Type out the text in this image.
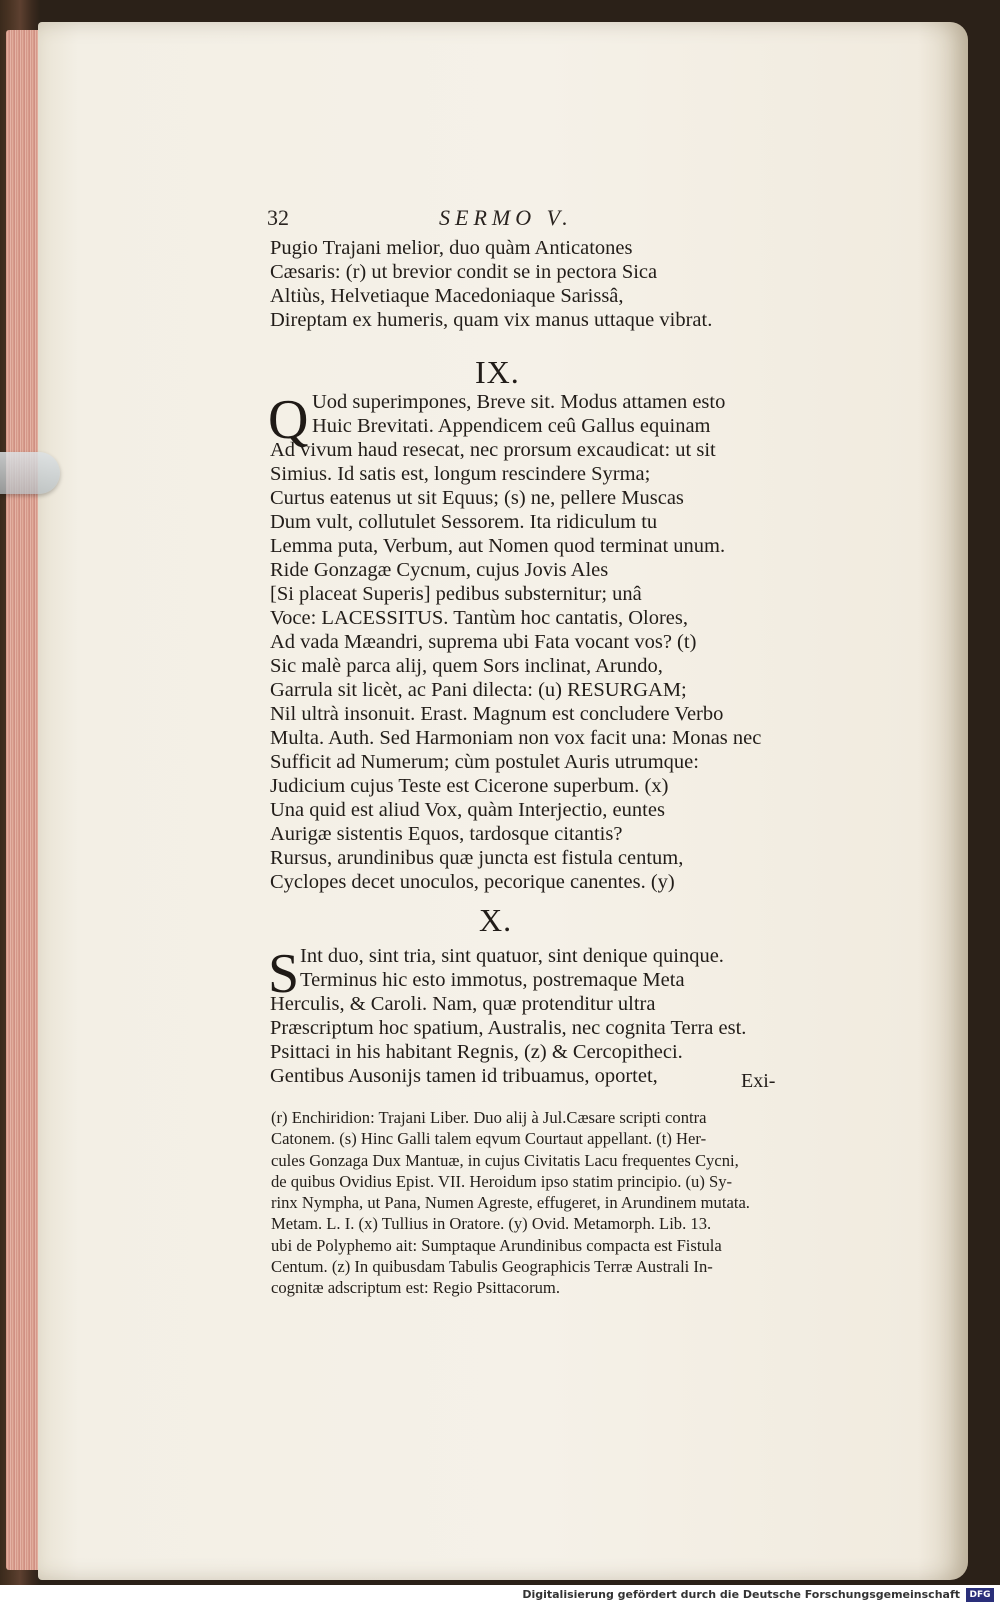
32	SERMO V.

Pugio Trajani melior, duo quàm Anticatones

Cæsaris: (r) ut brevior condit se in pectora Sica

Altiùs, Helvetiaque Macedoniaque Sarissâ,

Direptam ex humeris, quam vix manus uttaque vibrat.

IX.
Q Uod superimpones, Breve sit. Modus attamen esto

Huic Brevitati. Appendicem ceû Gallus equinam

Ad vivum haud resecat, nec prorsum excaudicat: ut sit

Simius. Id satis est, longum rescindere Syrma;

Curtus eatenus ut sit Equus; (s) ne, pellere Muscas

Dum vult, collutulet Sessorem. Ita ridiculum tu

Lemma puta, Verbum, aut Nomen quod terminat unum.

Ride Gonzagæ Cycnum, cujus Jovis Ales

[Si placeat Superis] pedibus substernitur; unâ

Voce: LACESSITUS. Tantùm hoc cantatis, Olores,

Ad vada Mæandri, suprema ubi Fata vocant vos? (t)

Sic malè parca alij, quem Sors inclinat, Arundo,

Garrula sit licèt, ac Pani dilecta: (u) RESURGAM;

Nil ultrà insonuit. Erast. Magnum est concludere Verbo

Multa. Auth. Sed Harmoniam non vox facit una: Monas nec

Sufficit ad Numerum; cùm postulet Auris utrumque:

Judicium cujus Teste est Cicerone superbum. (x)

Una quid est aliud Vox, quàm Interjectio, euntes

Aurigæ sistentis Equos, tardosque citantis?

Rursus, arundinibus quæ juncta est fistula centum,

Cyclopes decet unoculos, pecorique canentes. (y)

X.
S Int duo, sint tria, sint quatuor, sint denique quinque.

Terminus hic esto immotus, postremaque Meta

Herculis, & Caroli. Nam, quæ protenditur ultra

Præscriptum hoc spatium, Australis, nec cognita Terra est.

Psittaci in his habitant Regnis, (z) & Cercopitheci.

Gentibus Ausonijs tamen id tribuamus, oportet,	Exi-
(r) Enchiridion: Trajani Liber. Duo alij à Jul.Cæsare scripti contra
Catonem. (s) Hinc Galli talem eqvum Courtaut appellant. (t) Her-
cules Gonzaga Dux Mantuæ, in cujus Civitatis Lacu frequentes Cycni,
de quibus Ovidius Epist. VII. Heroidum ipso statim principio. (u) Sy-
rinx Nympha, ut Pana, Numen Agreste, effugeret, in Arundinem mutata.
Metam. L. I. (x) Tullius in Oratore. (y) Ovid. Metamorph. Lib. 13.
ubi de Polyphemo ait: Sumptaque Arundinibus compacta est Fistula
Centum. (z) In quibusdam Tabulis Geographicis Terræ Australi In-
cognitæ adscriptum est: Regio Psittacorum.
Digitalisierung gefördert durch die Deutsche Forschungsgemeinschaft	DFG
